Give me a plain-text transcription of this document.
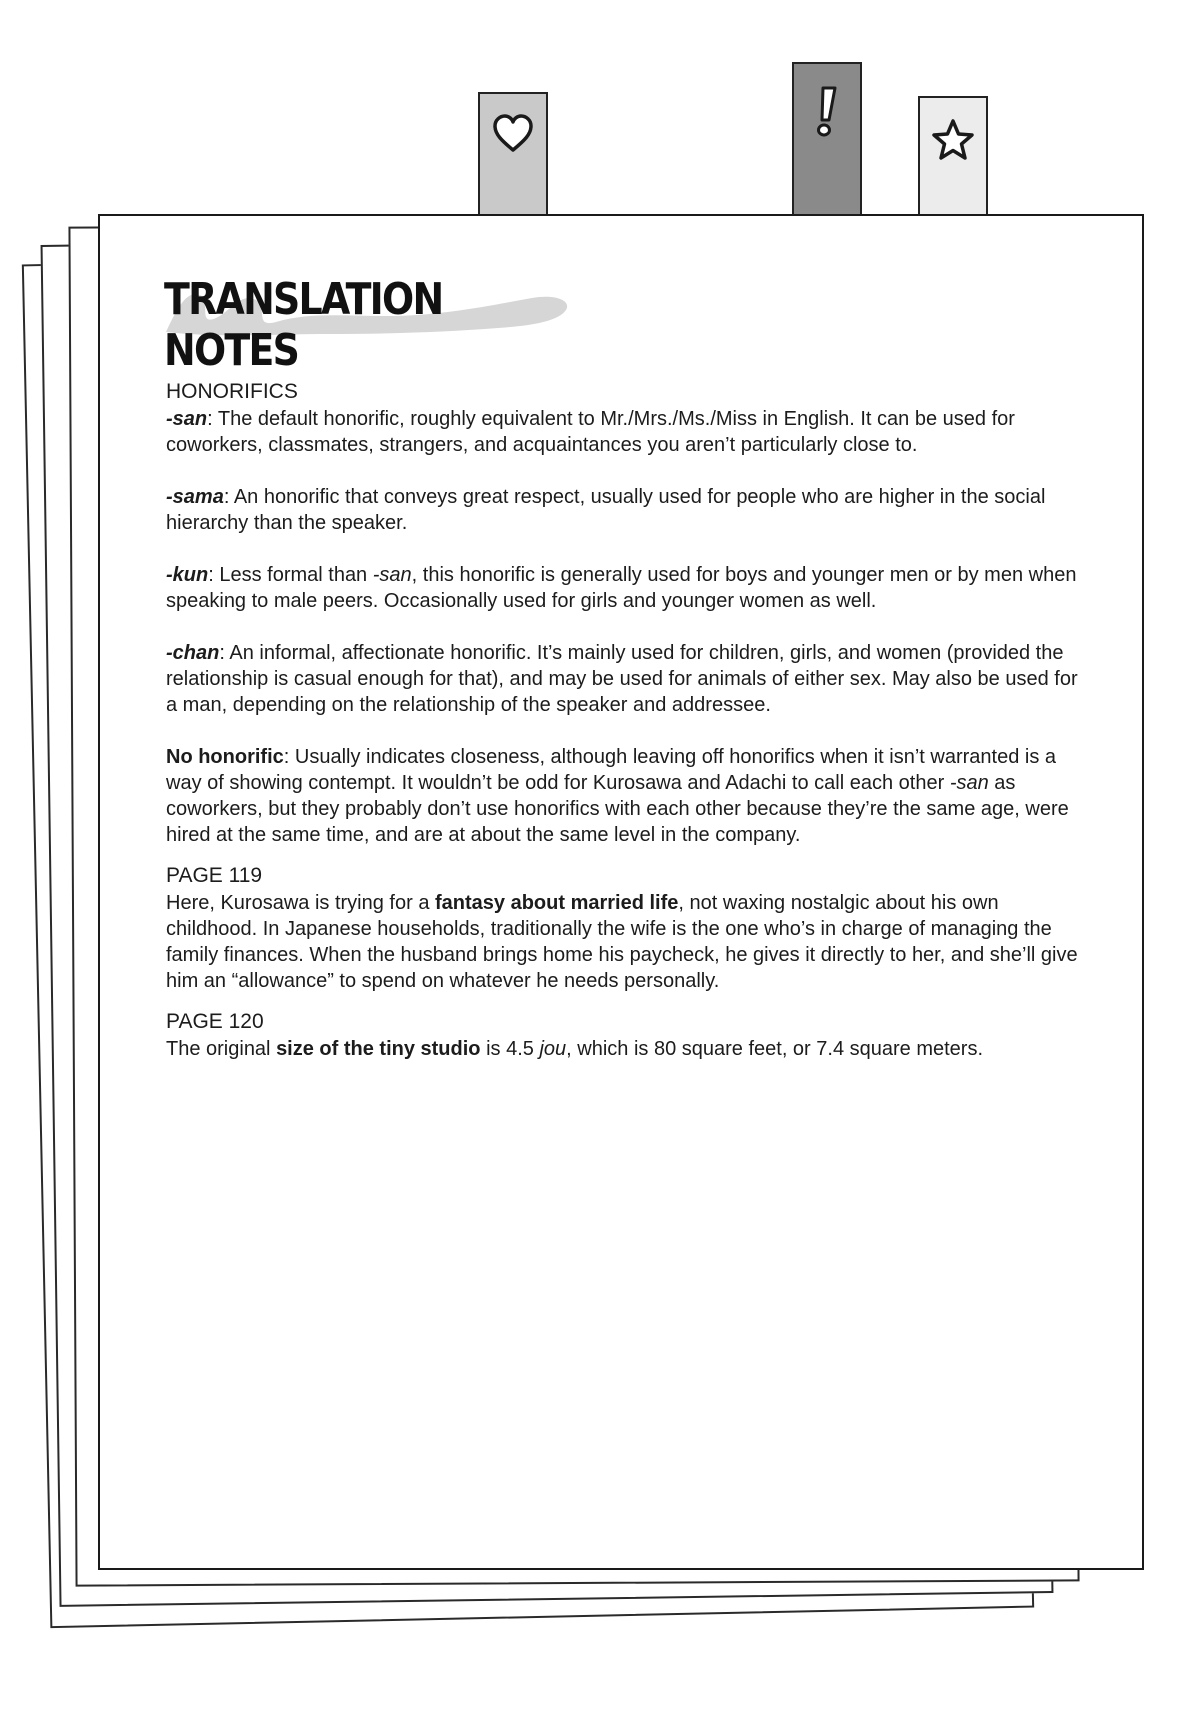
TRANSLATION NOTES
HONORIFICS

-san: The default honorific, roughly equivalent to Mr./Mrs./Ms./Miss in English. It can be used for coworkers, classmates, strangers, and acquaintances you aren’t particularly close to.

-sama: An honorific that conveys great respect, usually used for people who are higher in the social hierarchy than the speaker.

-kun: Less formal than -san, this honorific is generally used for boys and younger men or by men when speaking to male peers. Occasionally used for girls and younger women as well.

-chan: An informal, affectionate honorific. It’s mainly used for children, girls, and women (provided the relationship is casual enough for that), and may be used for animals of either sex. May also be used for a man, depending on the relationship of the speaker and addressee.

No honorific: Usually indicates closeness, although leaving off honorifics when it isn’t warranted is a way of showing contempt. It wouldn’t be odd for Kurosawa and Adachi to call each other -san as coworkers, but they probably don’t use honorifics with each other because they’re the same age, were hired at the same time, and are at about the same level in the company.

PAGE 119

Here, Kurosawa is trying for a fantasy about married life, not waxing nostalgic about his own childhood. In Japanese households, traditionally the wife is the one who’s in charge of managing the family finances. When the husband brings home his paycheck, he gives it directly to her, and she’ll give him an “allowance” to spend on whatever he needs personally.

PAGE 120

The original size of the tiny studio is 4.5 jou, which is 80 square feet, or 7.4 square meters.
